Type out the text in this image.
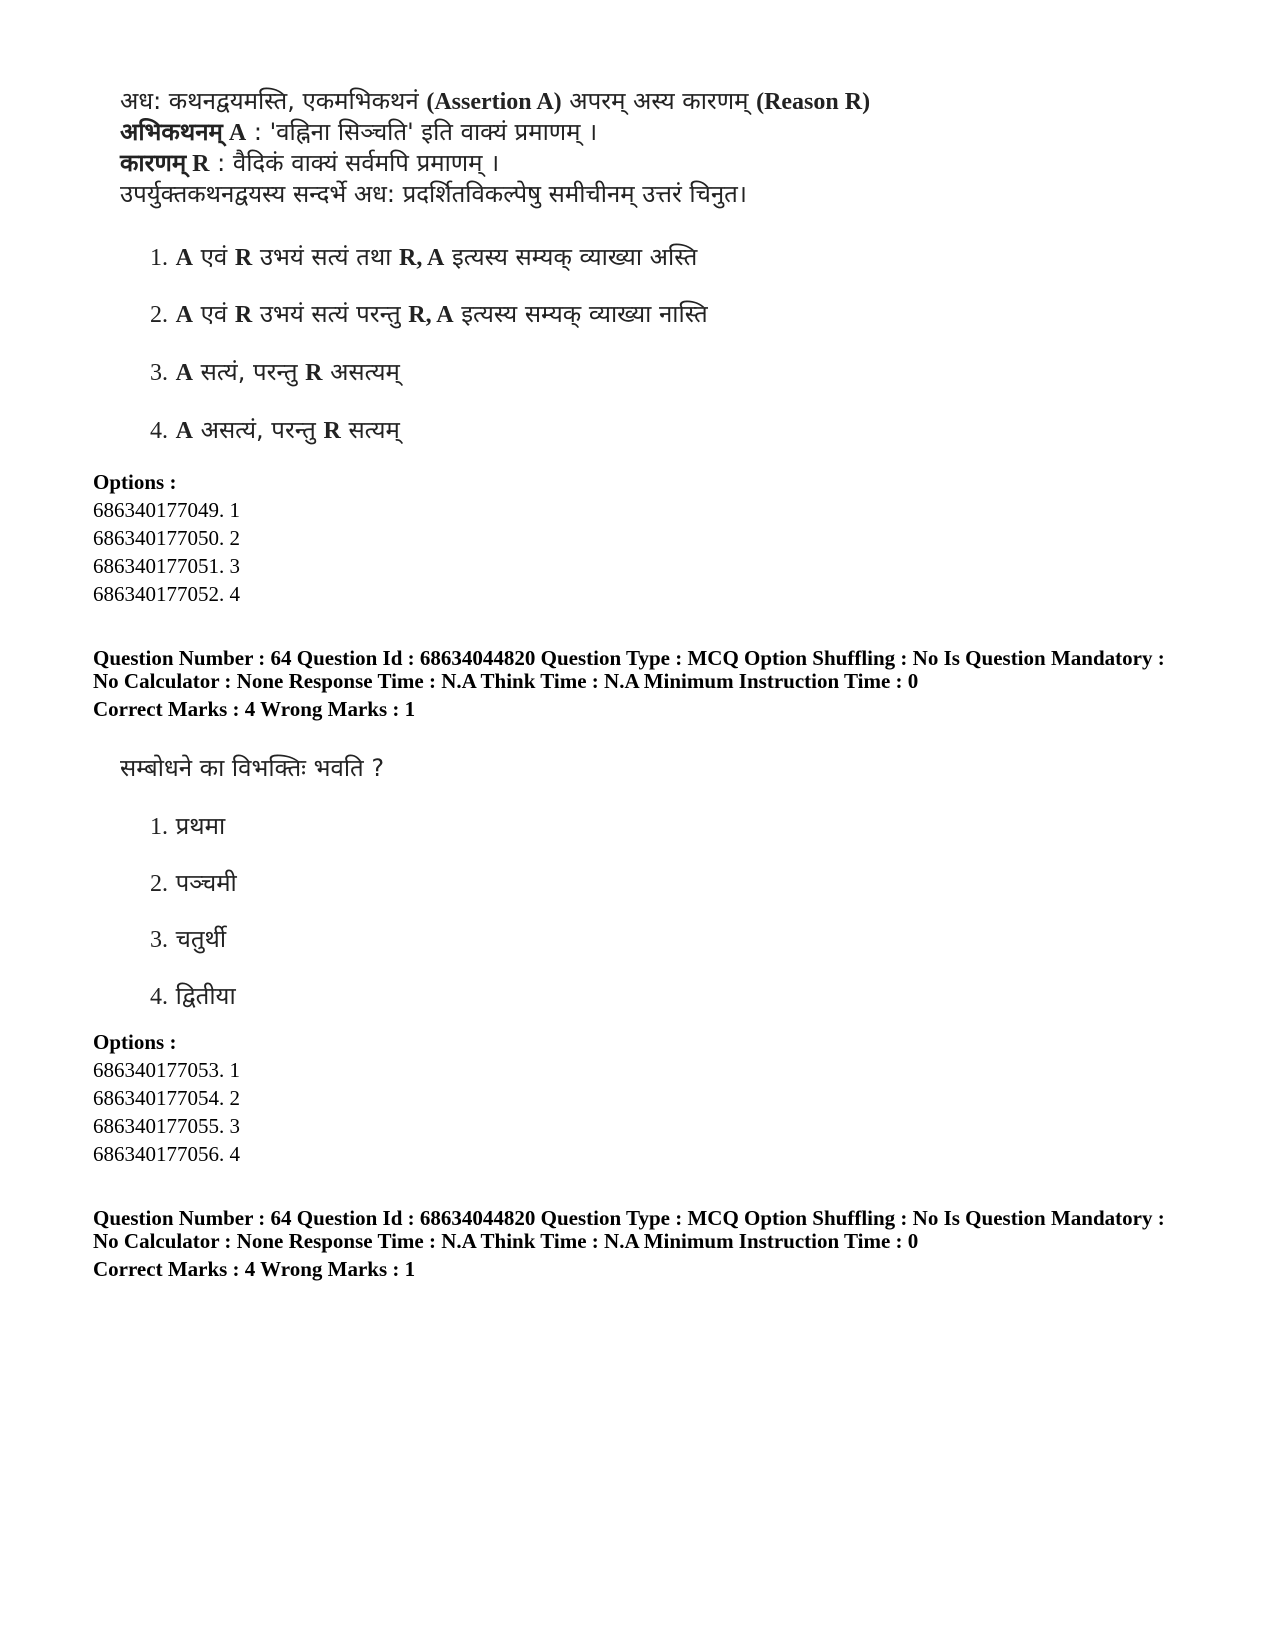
अध: कथनद्वयमस्ति, एकमभिकथनं (Assertion A) अपरम् अस्य कारणम् (Reason R)
अभिकथनम् A : 'वह्निना सिञ्चति' इति वाक्यं प्रमाणम् ।
कारणम् R : वैदिकं वाक्यं सर्वमपि प्रमाणम् ।
उपर्युक्तकथनद्वयस्य सन्दर्भे अध: प्रदर्शितविकल्पेषु समीचीनम् उत्तरं चिनुत।
1. A एवं R उभयं सत्यं तथा R, A इत्यस्य सम्यक् व्याख्या अस्ति
2. A एवं R उभयं सत्यं परन्तु R, A इत्यस्य सम्यक् व्याख्या नास्ति
3. A सत्यं, परन्तु R असत्यम्
4. A असत्यं, परन्तु R सत्यम्
Options :
686340177049. 1
686340177050. 2
686340177051. 3
686340177052. 4
Question Number : 64 Question Id : 68634044820 Question Type : MCQ Option Shuffling : No Is Question Mandatory :
No Calculator : None Response Time : N.A Think Time : N.A Minimum Instruction Time : 0
Correct Marks : 4 Wrong Marks : 1
सम्बोधने का विभक्तिः भवति ?
1. प्रथमा
2. पञ्चमी
3. चतुर्थी
4. द्वितीया
Options :
686340177053. 1
686340177054. 2
686340177055. 3
686340177056. 4
Question Number : 64 Question Id : 68634044820 Question Type : MCQ Option Shuffling : No Is Question Mandatory :
No Calculator : None Response Time : N.A Think Time : N.A Minimum Instruction Time : 0
Correct Marks : 4 Wrong Marks : 1
